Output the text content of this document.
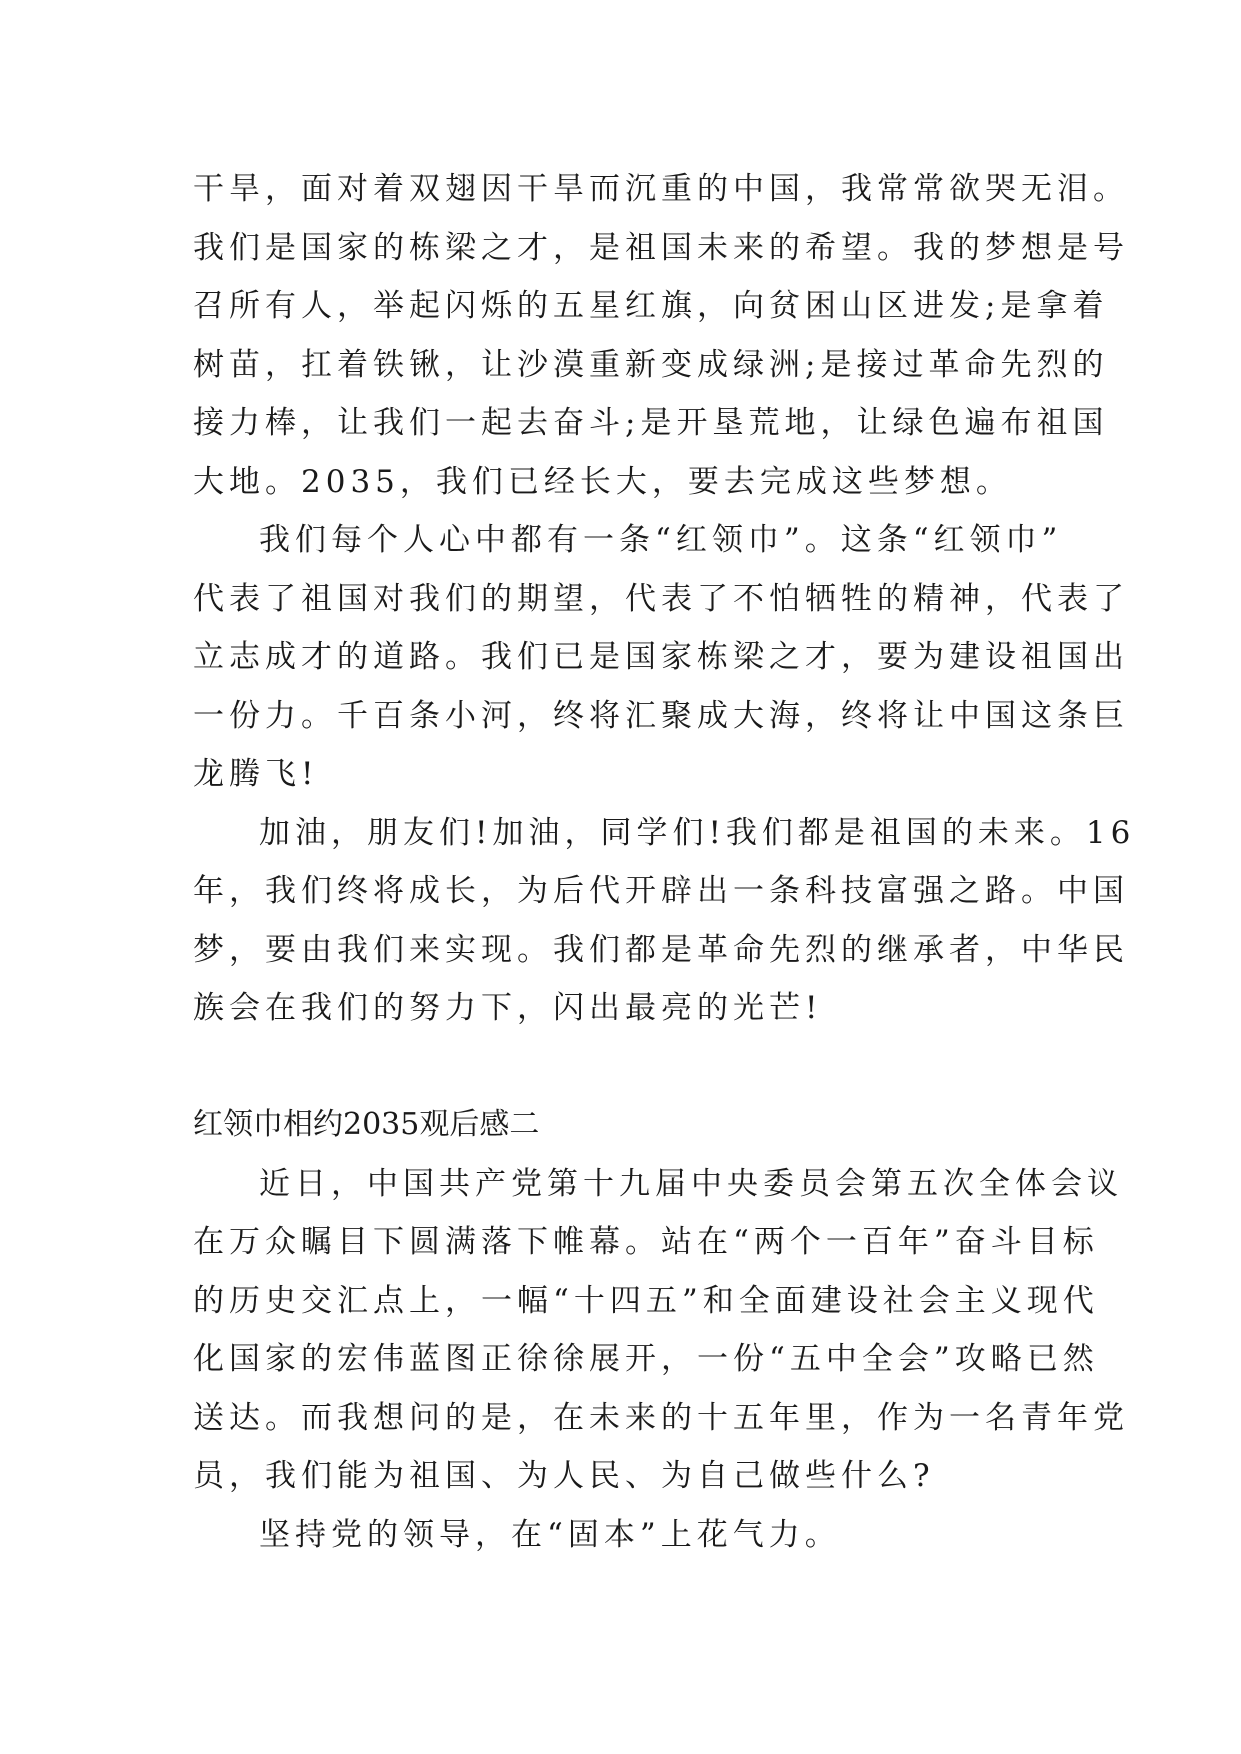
干旱，面对着双翅因干旱而沉重的中国，我常常欲哭无泪。
我们是国家的栋梁之才，是祖国未来的希望。我的梦想是号
召所有人，举起闪烁的五星红旗，向贫困山区进发;是拿着
树苗，扛着铁锹，让沙漠重新变成绿洲;是接过革命先烈的
接力棒，让我们一起去奋斗;是开垦荒地，让绿色遍布祖国
大地。2035，我们已经长大，要去完成这些梦想。
我们每个人心中都有一条“红领巾”。这条“红领巾”
代表了祖国对我们的期望，代表了不怕牺牲的精神，代表了
立志成才的道路。我们已是国家栋梁之才，要为建设祖国出
一份力。千百条小河，终将汇聚成大海，终将让中国这条巨
龙腾飞!
加油，朋友们!加油，同学们!我们都是祖国的未来。16
年，我们终将成长，为后代开辟出一条科技富强之路。中国
梦，要由我们来实现。我们都是革命先烈的继承者，中华民
族会在我们的努力下，闪出最亮的光芒!
红领巾相约2035观后感二
近日，中国共产党第十九届中央委员会第五次全体会议
在万众瞩目下圆满落下帷幕。站在“两个一百年”奋斗目标
的历史交汇点上，一幅“十四五”和全面建设社会主义现代
化国家的宏伟蓝图正徐徐展开，一份“五中全会”攻略已然
送达。而我想问的是，在未来的十五年里，作为一名青年党
员，我们能为祖国、为人民、为自己做些什么?
坚持党的领导，在“固本”上花气力。
